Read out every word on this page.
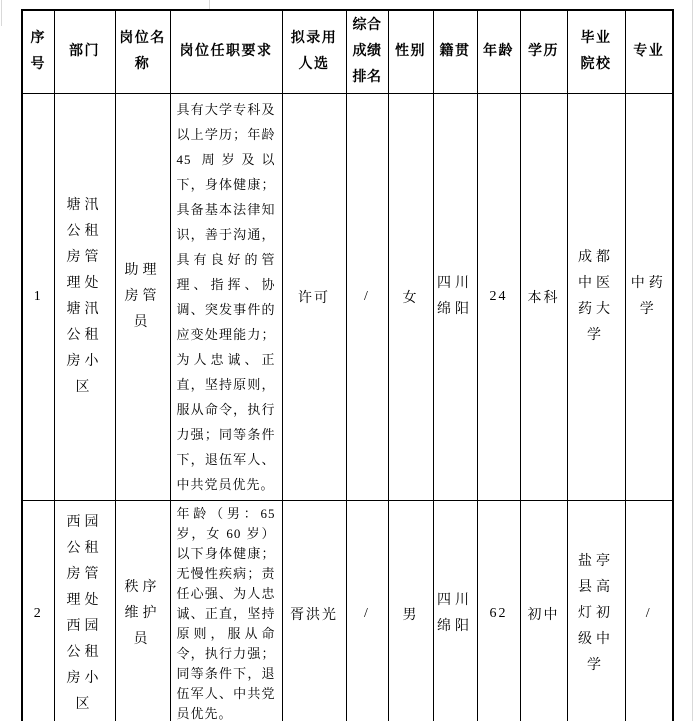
序号	部门	岗位名称	岗位任职要求	拟录用人选	综合成绩排名	性别	籍贯	年龄	学历	毕业院校	专业
1	塘汛公租房管理处塘汛公租房小区	助理房管员	具有大学专科及以上学历；年龄 45 周岁及以下，身体健康；具备基本法律知识，善于沟通，具有良好的管理、指挥、协调、突发事件的应变处理能力；为人忠诚、正直，坚持原则，服从命令，执行力强；同等条件下，退伍军人、中共党员优先。	许可	/	女	四川绵阳	24	本科	成都中医药大学	中药学
2	西园公租房管理处西园公租房小区	秩序维护员	年龄（男：65 岁，女 60 岁）以下身体健康；无慢性疾病；责任心强、为人忠诚、正直，坚持原则，服从命令，执行力强；同等条件下，退伍军人、中共党员优先。	胥洪光	/	男	四川绵阳	62	初中	盐亭县高灯初级中学	/
